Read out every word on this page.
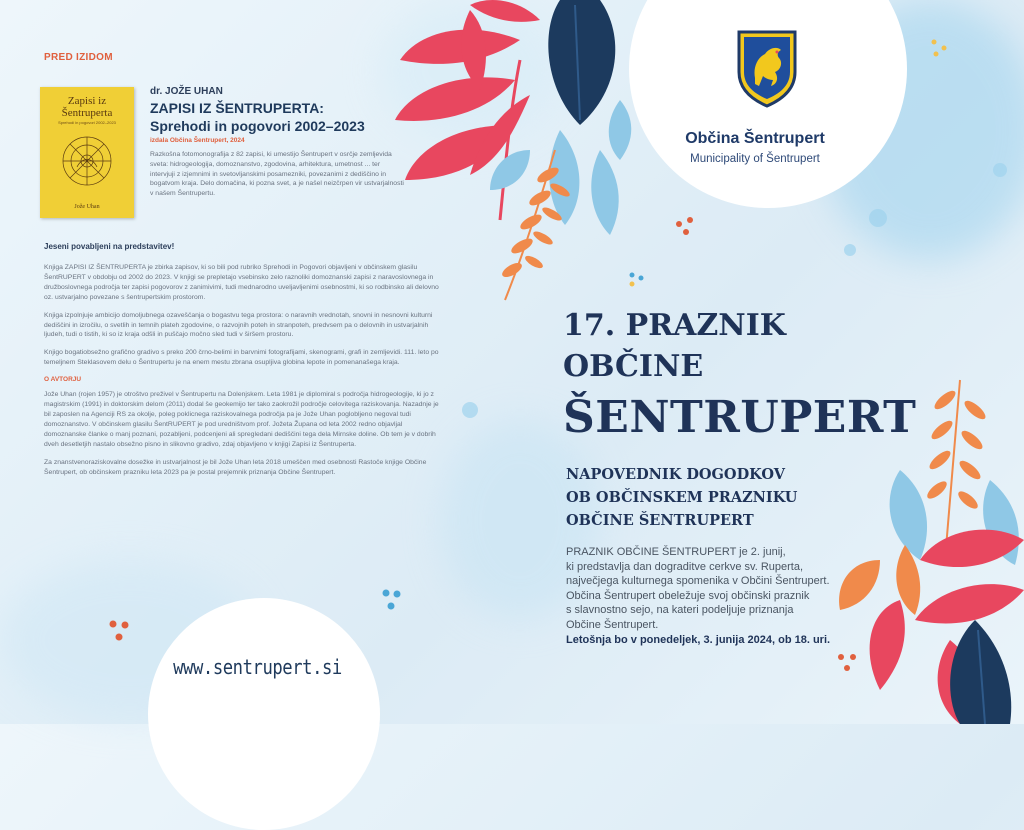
Občina Šentrupert
Municipality of Šentrupert
PRED IZIDOM
Zapisi iz
Šentruperta
Sprehodi in pogovori 2002–2023
Jože Uhan
dr. JOŽE UHAN
ZAPISI IZ ŠENTRUPERTA:
Sprehodi in pogovori 2002–2023
izdala Občina Šentrupert, 2024
Razkošna fotomonografija z 82 zapisi, ki umestijo Šentrupert v osrčje zemljevida sveta: hidrogeologija, domoznanstvo, zgodovina, arhitektura, umetnost ... ter intervjuji z izjemnimi in svetovljanskimi posamezniki, povezanimi z dediščino in bogatvom kraja. Delo domačina, ki pozna svet, a je našel neizčrpen vir ustvarjalnosti v našem Šentrupertu.
Jeseni povabljeni na predstavitev!

Knjiga ZAPISI IZ ŠENTRUPERTA je zbirka zapisov, ki so bili pod rubriko Sprehodi in Pogovori objavljeni v občinskem glasilu ŠentRUPERT v obdobju od 2002 do 2023. V knjigi se prepletajo vsebinsko zelo raznoliki domoznanski zapisi z naravoslovnega in družboslovnega področja ter zapisi pogovorov z zanimivimi, tudi mednarodno uveljavljenimi osebnostmi, ki so rodbinsko ali delovno oz. ustvarjalno povezane s šentrupertskim prostorom.

Knjiga izpolnjuje ambicijo domoljubnega ozaveščanja o bogastvu tega prostora: o naravnih vrednotah, snovni in nesnovni kulturni dediščini in izročilu, o svetlih in temnih plateh zgodovine, o razvojnih poteh in stranpoteh, predvsem pa o delovnih in ustvarjalnih ljudeh, tudi o tistih, ki so iz kraja odšli in puščajo močno sled tudi v širšem prostoru.

Knjigo bogatiobsežno grafično gradivo s preko 200 črno-belimi in barvnimi fotografijami, skenogrami, grafi in zemljevidi. 111. leto po temeljnem Steklasovem delu o Šentrupertu je na enem mestu zbrana osupljiva globina lepote in pomenanašega kraja.

O AVTORJU

Jože Uhan (rojen 1957) je otroštvo preživel v Šentrupertu na Dolenjskem. Leta 1981 je diplomiral s področja hidrogeologije, ki jo z magistrskim (1991) in doktorskim delom (2011) dodal še geokemijo ter tako zaokrožil področje celovitega raziskovanja. Nazadnje je bil zaposlen na Agenciji RS za okolje, poleg poklicnega raziskovalnega področja pa je Jože Uhan poglobljeno negoval tudi domoznanstvo. V občinskem glasilu ŠentRUPERT je pod uredništvom prof. Jožeta Župana od leta 2002 redno objavljal domoznanske članke o manj poznani, pozabljeni, podcenjeni ali spregledani dediščini tega dela Mirnske doline. Ob tem je v dobrih dveh desetletjih nastalo obsežno pisno in slikovno gradivo, zdaj objavljeno v knjigi Zapisi iz Šentruperta.

Za znanstvenoraziskovalne dosežke in ustvarjalnost je bil Jože Uhan leta 2018 umeščen med osebnosti Rastoče knjige Občine Šentrupert, ob občinskem prazniku leta 2023 pa je postal prejemnik priznanja Občine Šentrupert.

www.sentrupert.si
17. PRAZNIK
OBČINE
ŠENTRUPERT
NAPOVEDNIK DOGODKOV
OB OBČINSKEM PRAZNIKU
OBČINE ŠENTRUPERT
PRAZNIK OBČINE ŠENTRUPERT je 2. junij,
ki predstavlja dan dograditve cerkve sv. Ruperta,
največjega kulturnega spomenika v Občini Šentrupert.
Občina Šentrupert obeležuje svoj občinski praznik
s slavnostno sejo, na kateri podeljuje priznanja
Občine Šentrupert.
Letošnja bo v ponedeljek, 3. junija 2024, ob 18. uri.
